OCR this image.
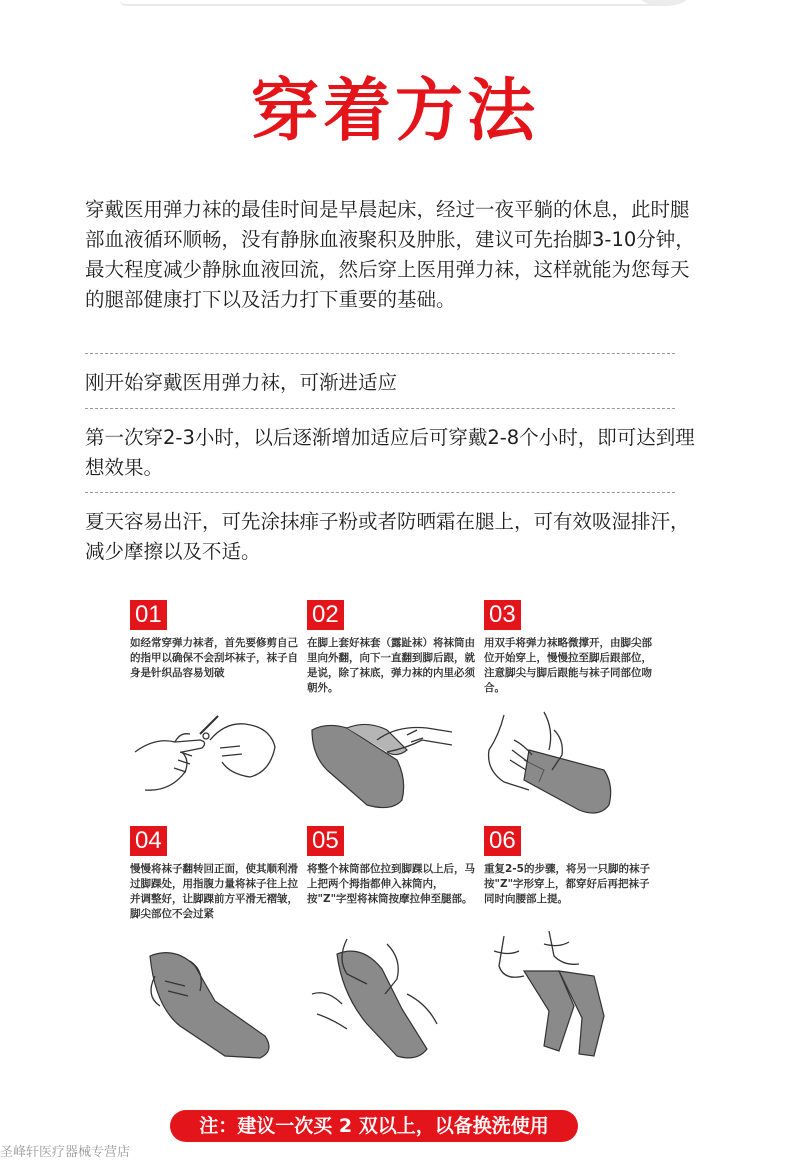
穿着方法

穿戴医用弹力袜的最佳时间是早晨起床，经过一夜平躺的休息，此时腿部血液循环顺畅，没有静脉血液聚积及肿胀，建议可先抬脚3-10分钟，最大程度减少静脉血液回流，然后穿上医用弹力袜，这样就能为您每天的腿部健康打下以及活力打下重要的基础。

刚开始穿戴医用弹力袜，可渐进适应

第一次穿2-3小时，以后逐渐增加适应后可穿戴2-8个小时，即可达到理想效果。

夏天容易出汗，可先涂抹痱子粉或者防晒霜在腿上，可有效吸湿排汗，减少摩擦以及不适。

01

如经常穿弹力袜者，首先要修剪自己的指甲以确保不会刮坏袜子，袜子自身是针织品容易划破

02

在脚上套好袜套（露趾袜）将袜筒由里向外翻，向下一直翻到脚后跟，就是说，除了袜底，弹力袜的内里必须朝外。

03

用双手将弹力袜略微撑开，由脚尖部位开始穿上，慢慢拉至脚后跟部位，注意脚尖与脚后跟能与袜子同部位吻合。

04

慢慢将袜子翻转回正面，使其顺利滑过脚踝处，用指腹力量将袜子往上拉并调整好，让脚踝前方平滑无褶皱，脚尖部位不会过紧

05

将整个袜筒部位拉到脚踝以上后，马上把两个拇指都伸入袜筒内，按"Z"字型将袜筒按摩拉伸至腿部。

06

重复2-5的步骤，将另一只脚的袜子按"Z"字形穿上，都穿好后再把袜子同时向腰部上提。

注：建议一次买 2 双以上，以备换洗使用
圣峰轩医疗器械专营店
